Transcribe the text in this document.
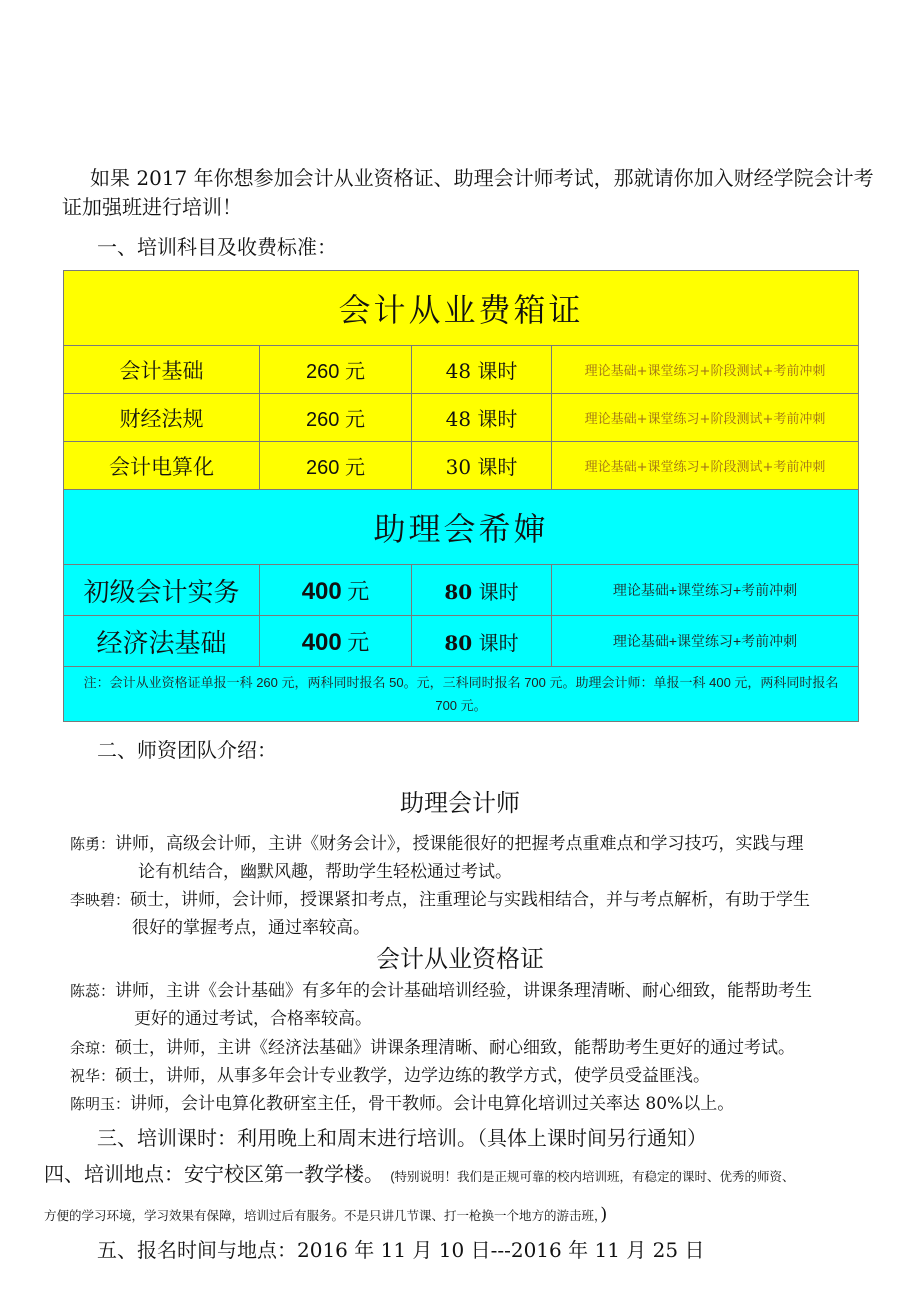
如果 2017 年你想参加会计从业资格证、助理会计师考试，那就请你加入财经学院会计考证加强班进行培训！
一、培训科目及收费标准：
会计从业费箱证			
会计基础	260 元	48 课时	理论基础+课堂练习+阶段测试+考前冲刺
财经法规	260 元	48 课时	理论基础+课堂练习+阶段测试+考前冲刺
会计电算化	260 元	30 课时	理论基础+课堂练习+阶段测试+考前冲刺
助理会希婶			
初级会计实务	400 元	80 课时	理论基础+课堂练习+考前冲刺
经济法基础	400 元	80 课时	理论基础+课堂练习+考前冲刺
注：会计从业资格证单报一科 260 元，两科同时报名 50。元，三科同时报名 700 元。助理会计师：单报一科 400 元，两科同时报名 700 元。			
二、师资团队介绍：
助理会计师
陈勇：讲师，高级会计师，主讲《财务会计》，授课能很好的把握考点重难点和学习技巧，实践与理
论有机结合，幽默风趣，帮助学生轻松通过考试。
李映碧：硕士，讲师，会计师，授课紧扣考点，注重理论与实践相结合，并与考点解析，有助于学生
很好的掌握考点，通过率较高。
会计从业资格证
陈蕊：讲师，主讲《会计基础》有多年的会计基础培训经验，讲课条理清晰、耐心细致，能帮助考生
更好的通过考试，合格率较高。
余琼：硕士，讲师，主讲《经济法基础》讲课条理清晰、耐心细致，能帮助考生更好的通过考试。
祝华：硕士，讲师，从事多年会计专业教学，边学边练的教学方式，使学员受益匪浅。
陈明玉：讲师，会计电算化教研室主任，骨干教师。会计电算化培训过关率达 80%以上。
三、培训课时：利用晚上和周末进行培训。（具体上课时间另行通知）
四、培训地点：安宁校区第一教学楼。 (特别说明！我们是正规可靠的校内培训班，有稳定的课时、优秀的师资、
方便的学习环境，学习效果有保障，培训过后有服务。不是只讲几节课、打一枪换一个地方的游击班，)
五、报名时间与地点：2016 年 11 月 10 日---2016 年 11 月 25 日
